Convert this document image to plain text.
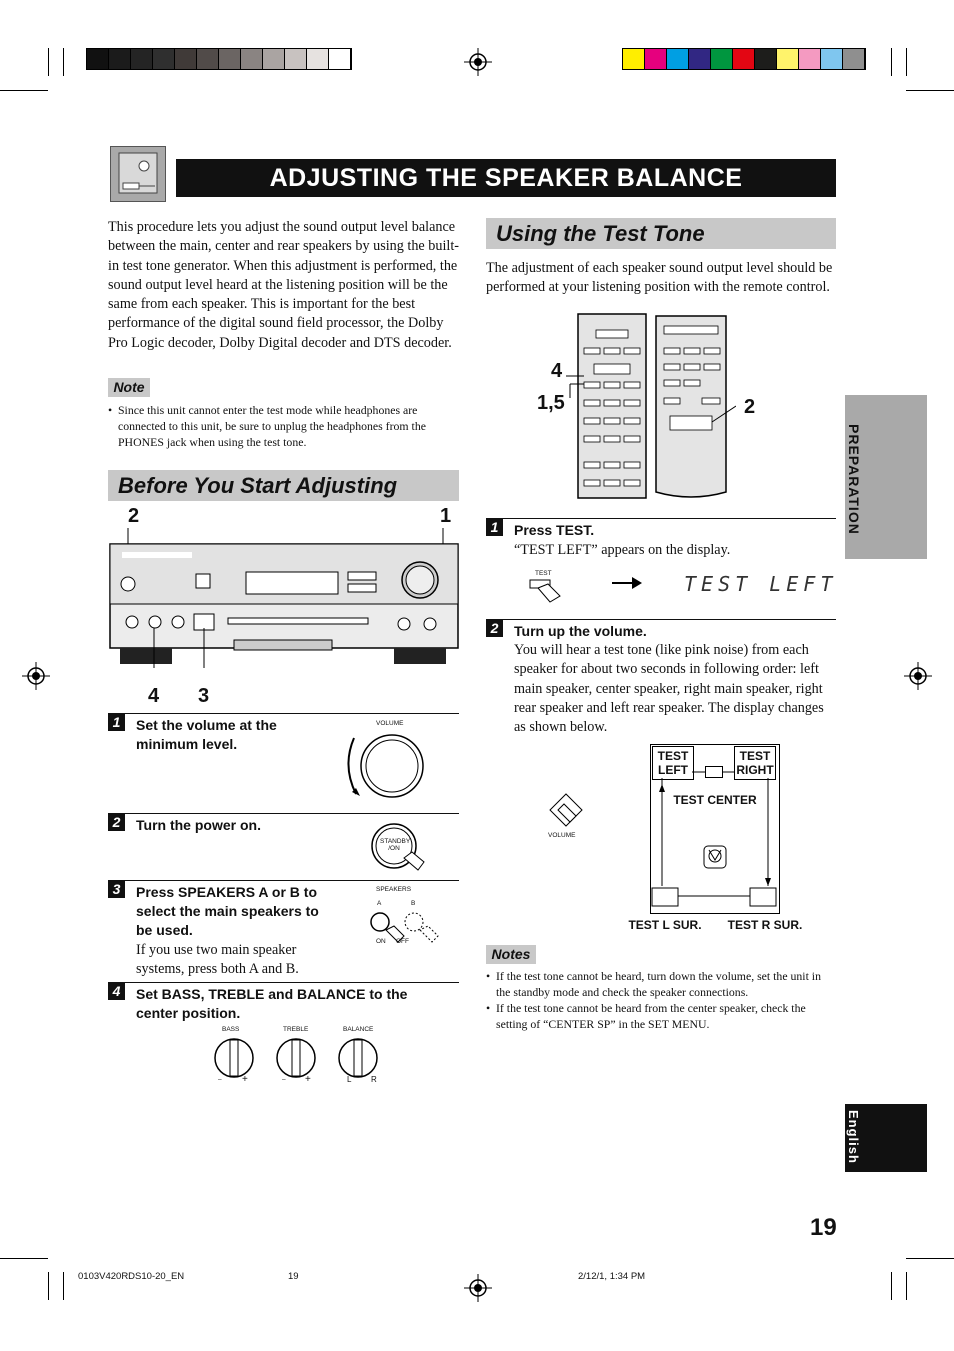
ADJUSTING THE SPEAKER BALANCE
This procedure lets you adjust the sound output level balance between the main, center and rear speakers by using the built-in test tone generator. When this adjustment is performed, the sound output level heard at the listening position will be the same from each speaker. This is important for the best performance of the digital sound field processor, the Dolby Pro Logic decoder, Dolby Digital decoder and DTS decoder.
Note
• Since this unit cannot enter the test mode while headphones are connected to this unit, be sure to unplug the headphones from the PHONES jack when using the test tone.
Before You Start Adjusting
2	1
4 3
1	Set the volume at the minimum level.
VOLUME
2	Turn the power on.
STANDBY /ON
3	Press SPEAKERS A or B to select the main speakers to be used.
If you use two main speaker systems, press both A and B.
SPEAKERS
A	B
ON OFF
4	Set BASS, TREBLE and BALANCE to the center position.
BASS	TREBLE	BALANCE
– +	– +	L R
Using the Test Tone
The adjustment of each speaker sound output level should be performed at your listening position with the remote control.
4
1,5	2
1	Press TEST.
“TEST LEFT” appears on the display.
TEST	TEST LEFT
2	Turn up the volume.
You will hear a test tone (like pink noise) from each speaker for about two seconds in following order: left main speaker, center speaker, right main speaker, right rear speaker and left rear speaker. The display changes as shown below.
VOLUME
TEST LEFT
TEST RIGHT
TEST CENTER
TEST L SUR.	TEST R SUR.
Notes
• If the test tone cannot be heard, turn down the volume, set the unit in the standby mode and check the speaker connections.
• If the test tone cannot be heard from the center speaker, check the setting of “CENTER SP” in the SET MENU.
PREPARATION
English
19
0103V420RDS10-20_EN	19	2/12/1, 1:34 PM
